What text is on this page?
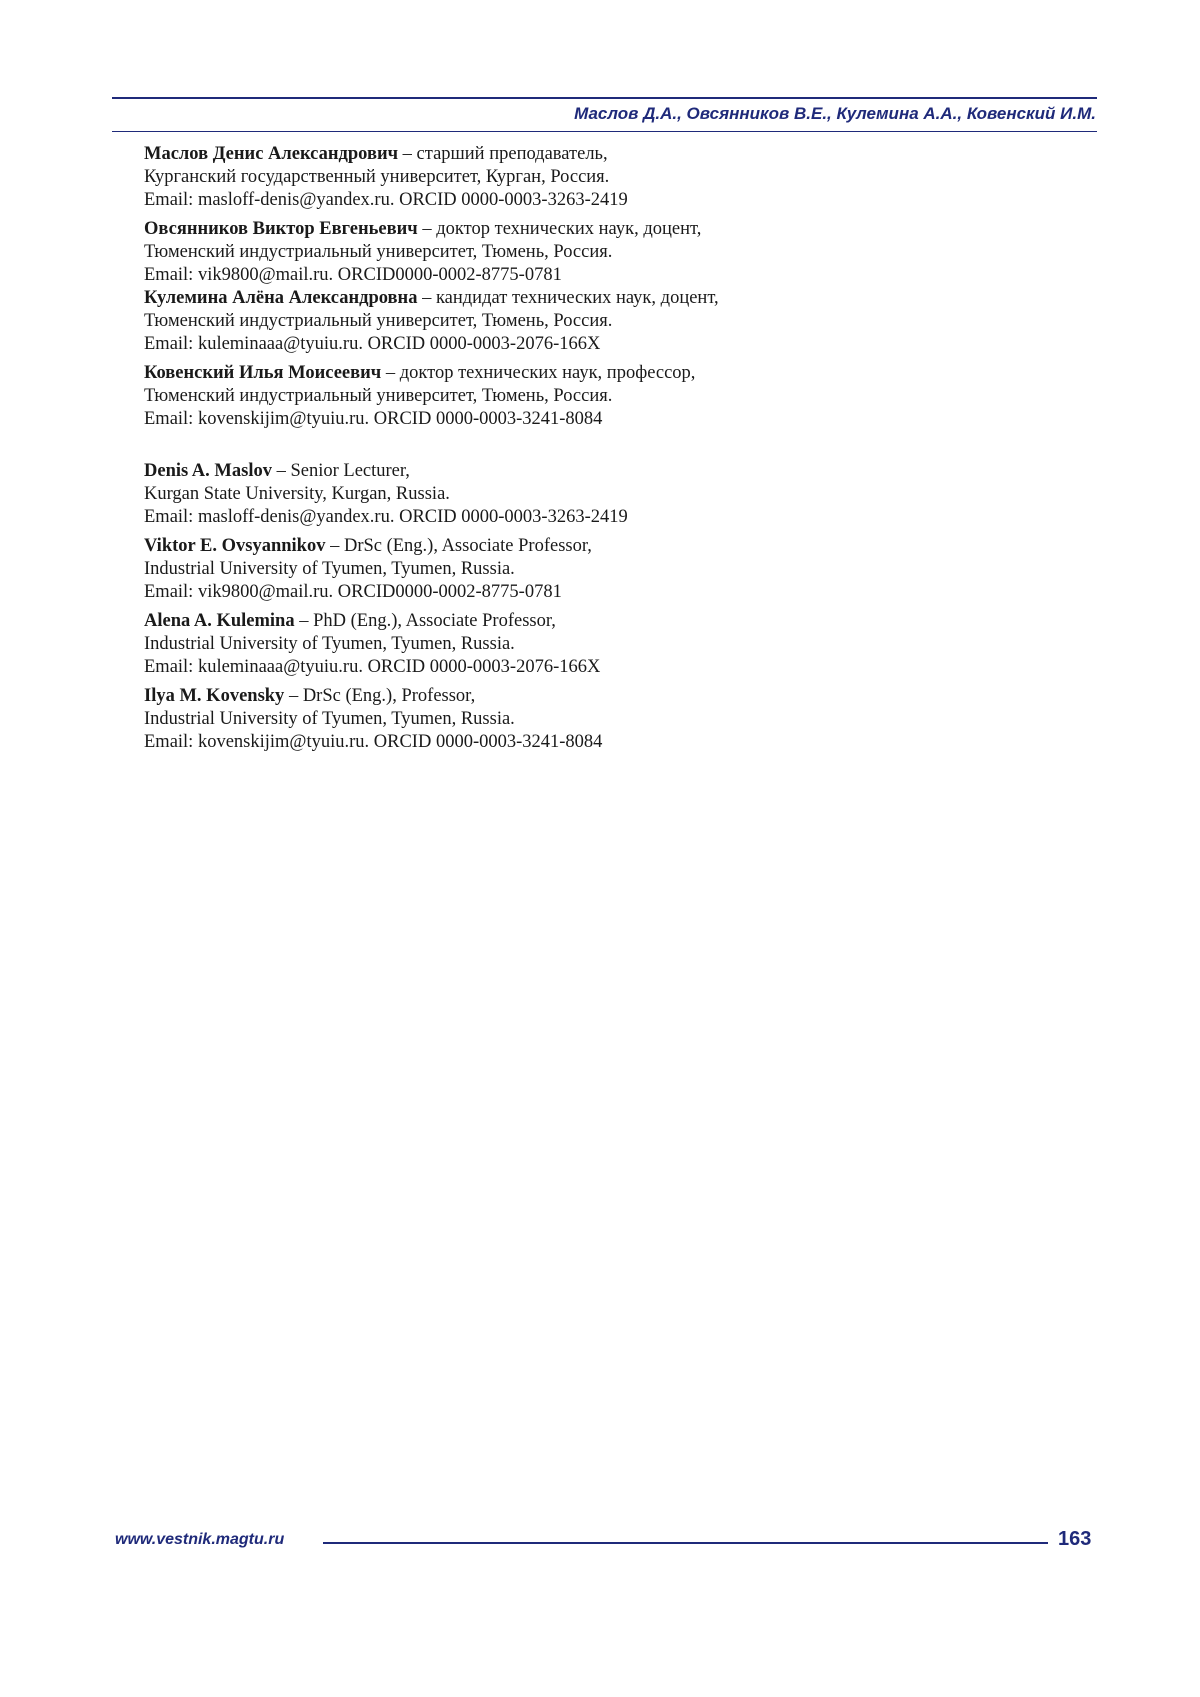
Маслов Д.А., Овсянников В.Е., Кулемина А.А., Ковенский И.М.
Маслов Денис Александрович – старший преподаватель,
Курганский государственный университет, Курган, Россия.
Email: masloff-denis@yandex.ru. ORCID 0000-0003-3263-2419
Овсянников Виктор Евгеньевич – доктор технических наук, доцент,
Тюменский индустриальный университет, Тюмень, Россия.
Email: vik9800@mail.ru. ORCID0000-0002-8775-0781
Кулемина Алёна Александровна – кандидат технических наук, доцент,
Тюменский индустриальный университет, Тюмень, Россия.
Email: kuleminaaa@tyuiu.ru. ORCID 0000-0003-2076-166X
Ковенский Илья Моисеевич – доктор технических наук, профессор,
Тюменский индустриальный университет, Тюмень, Россия.
Email: kovenskijim@tyuiu.ru. ORCID 0000-0003-3241-8084
Denis A. Maslov – Senior Lecturer,
Kurgan State University, Kurgan, Russia.
Email: masloff-denis@yandex.ru. ORCID 0000-0003-3263-2419
Viktor E. Ovsyannikov – DrSc (Eng.), Associate Professor,
Industrial University of Tyumen, Tyumen, Russia.
Email: vik9800@mail.ru. ORCID0000-0002-8775-0781
Alena A. Kulemina – PhD (Eng.), Associate Professor,
Industrial University of Tyumen, Tyumen, Russia.
Email: kuleminaaa@tyuiu.ru. ORCID 0000-0003-2076-166X
Ilya M. Kovensky – DrSc (Eng.), Professor,
Industrial University of Tyumen, Tyumen, Russia.
Email: kovenskijim@tyuiu.ru. ORCID 0000-0003-3241-8084
www.vestnik.magtu.ru	163
